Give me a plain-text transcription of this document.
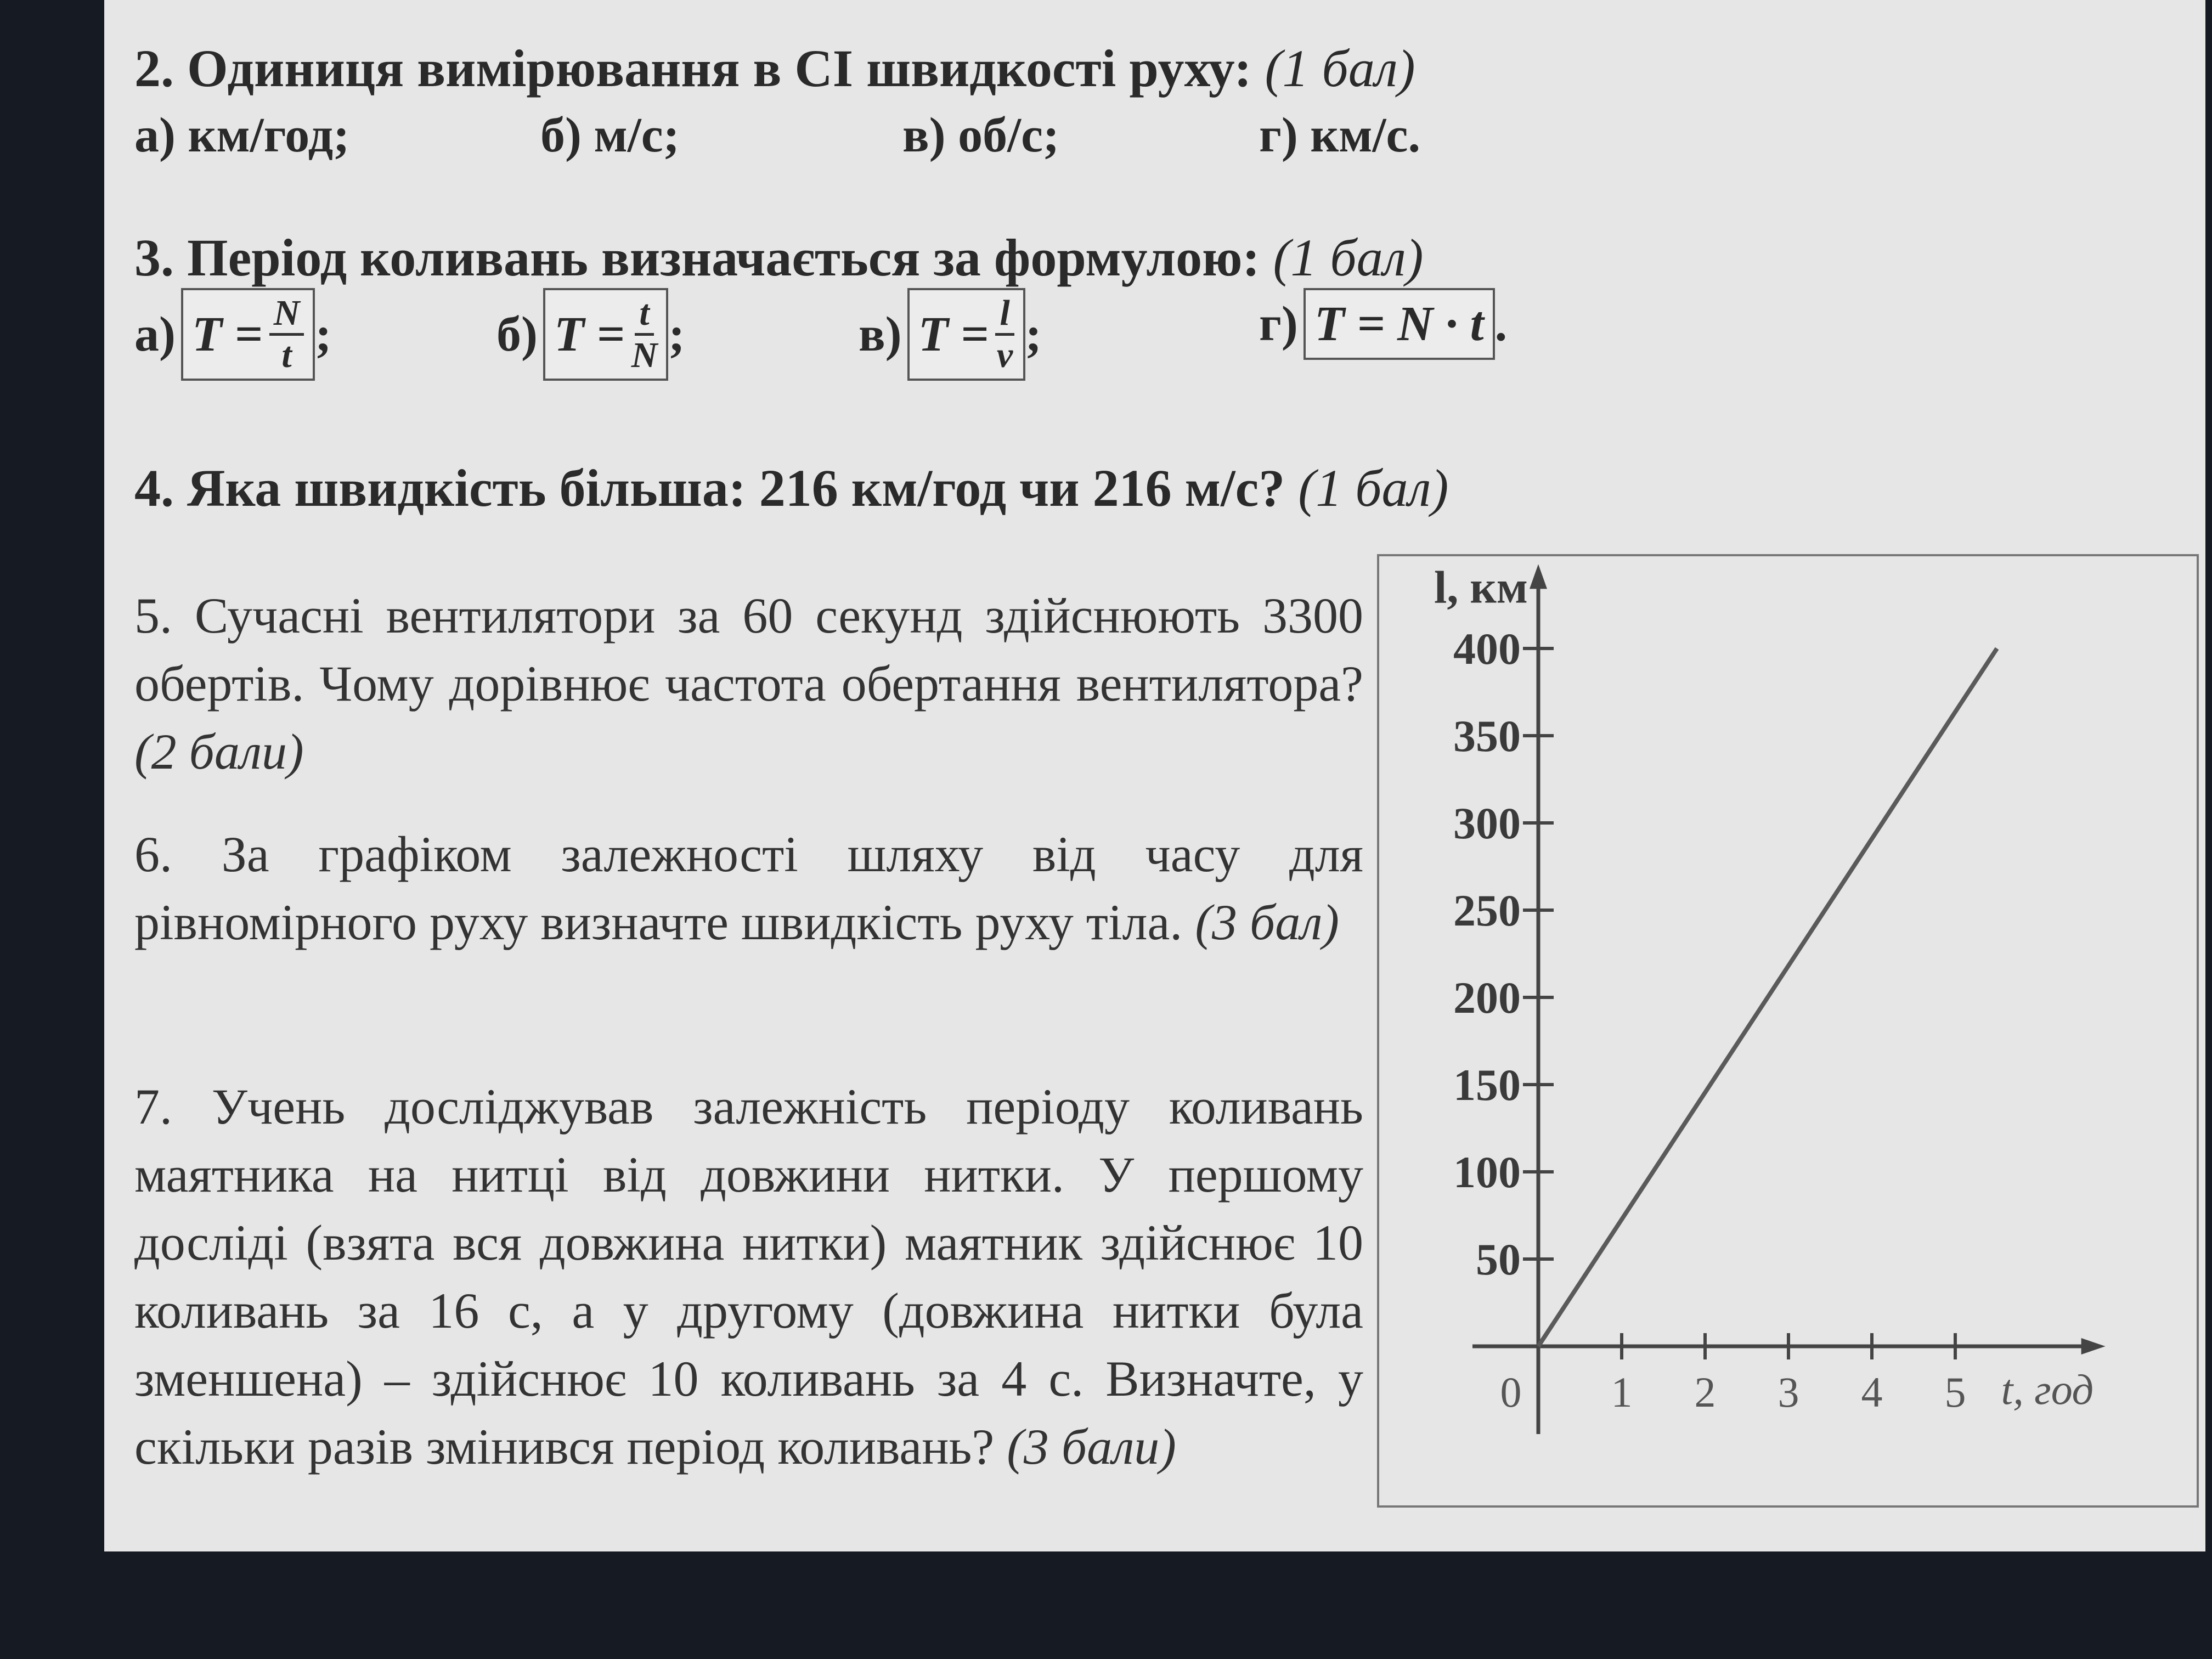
2. Одиниця вимірювання в СІ швидкості руху: (1 бал)
а) км/год;	б) м/с;	в) об/с;	г) км/с.
3. Період коливань визначається за формулою: (1 бал)
а) $T = \frac{N}{t}$ ;	б) $T = \frac{t}{N}$ ;	в) $T = \frac{l}{v}$ ;	г) T = N · t .
4. Яка швидкість більша: 216 км/год чи 216 м/с? (1 бал)
5. Сучасні вентилятори за 60 секунд здійснюють 3300 обертів. Чому дорівнює частота обертання вентилятора? (2 бали)
6. За графіком залежності шляху від часу для рівномірного руху визначте швидкість руху тіла. (3 бал)
7. Учень досліджував залежність періоду коливань маятника на нитці від довжини нитки. У першому досліді (взята вся довжина нитки) маятник здійснює 10 коливань за 16 с, а у другому (довжина нитки була зменшена) – здійснює 10 коливань за 4 с. Визначте, у скільки разів змінився період коливань? (3 бали)
50
100
150
200
250
300
350
400
1 2 3 4 5
0
l, км
t, год
